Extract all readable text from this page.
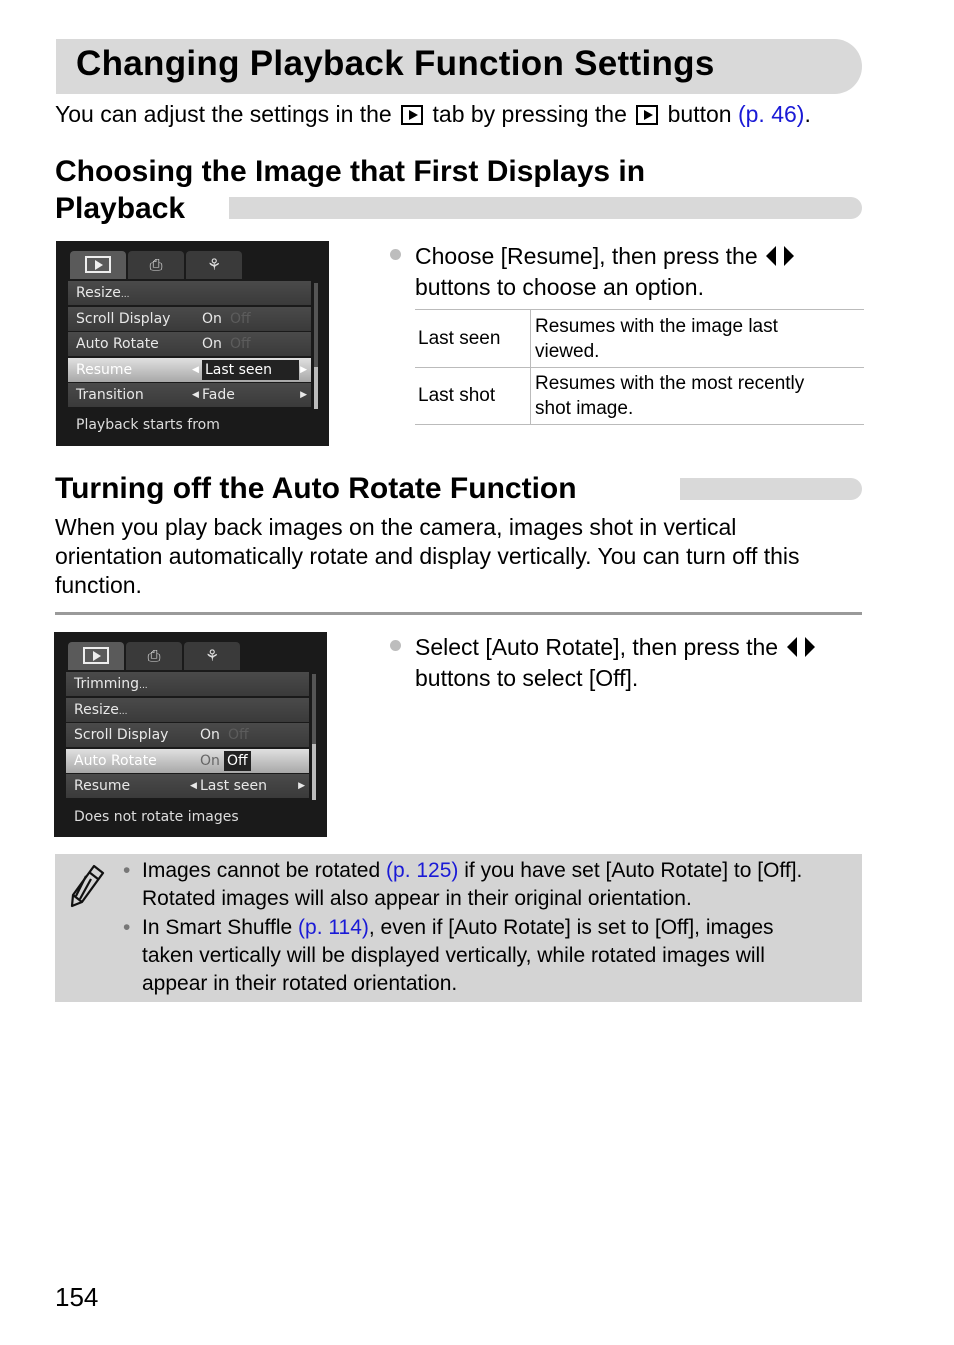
Changing Playback Function Settings
You can adjust the settings in the tab by pressing the button (p. 46).
Choosing the Image that First Displays in
Playback
⎙	⚘
Resize...
Scroll Display On Off
Auto Rotate	On Off
Resume	◀ Last seen	▶
Transition	◀ Fade	▶
Playback starts from
Choose [Resume], then press the
buttons to choose an option.
Last seen	Resumes with the image last
viewed.

Last shot	Resumes with the most recently
shot image.
Turning off the Auto Rotate Function
When you play back images on the camera, images shot in vertical
orientation automatically rotate and display vertically. You can turn off this
function.
⎙	⚘
Trimming...
Resize...
Scroll Display On Off
Auto Rotate	On Off
Resume	◀ Last seen	▶
Does not rotate images
Select [Auto Rotate], then press the
buttons to select [Off].
• Images cannot be rotated (p. 125) if you have set [Auto Rotate] to [Off].
Rotated images will also appear in their original orientation.
• In Smart Shuffle (p. 114), even if [Auto Rotate] is set to [Off], images
taken vertically will be displayed vertically, while rotated images will
appear in their rotated orientation.
154
